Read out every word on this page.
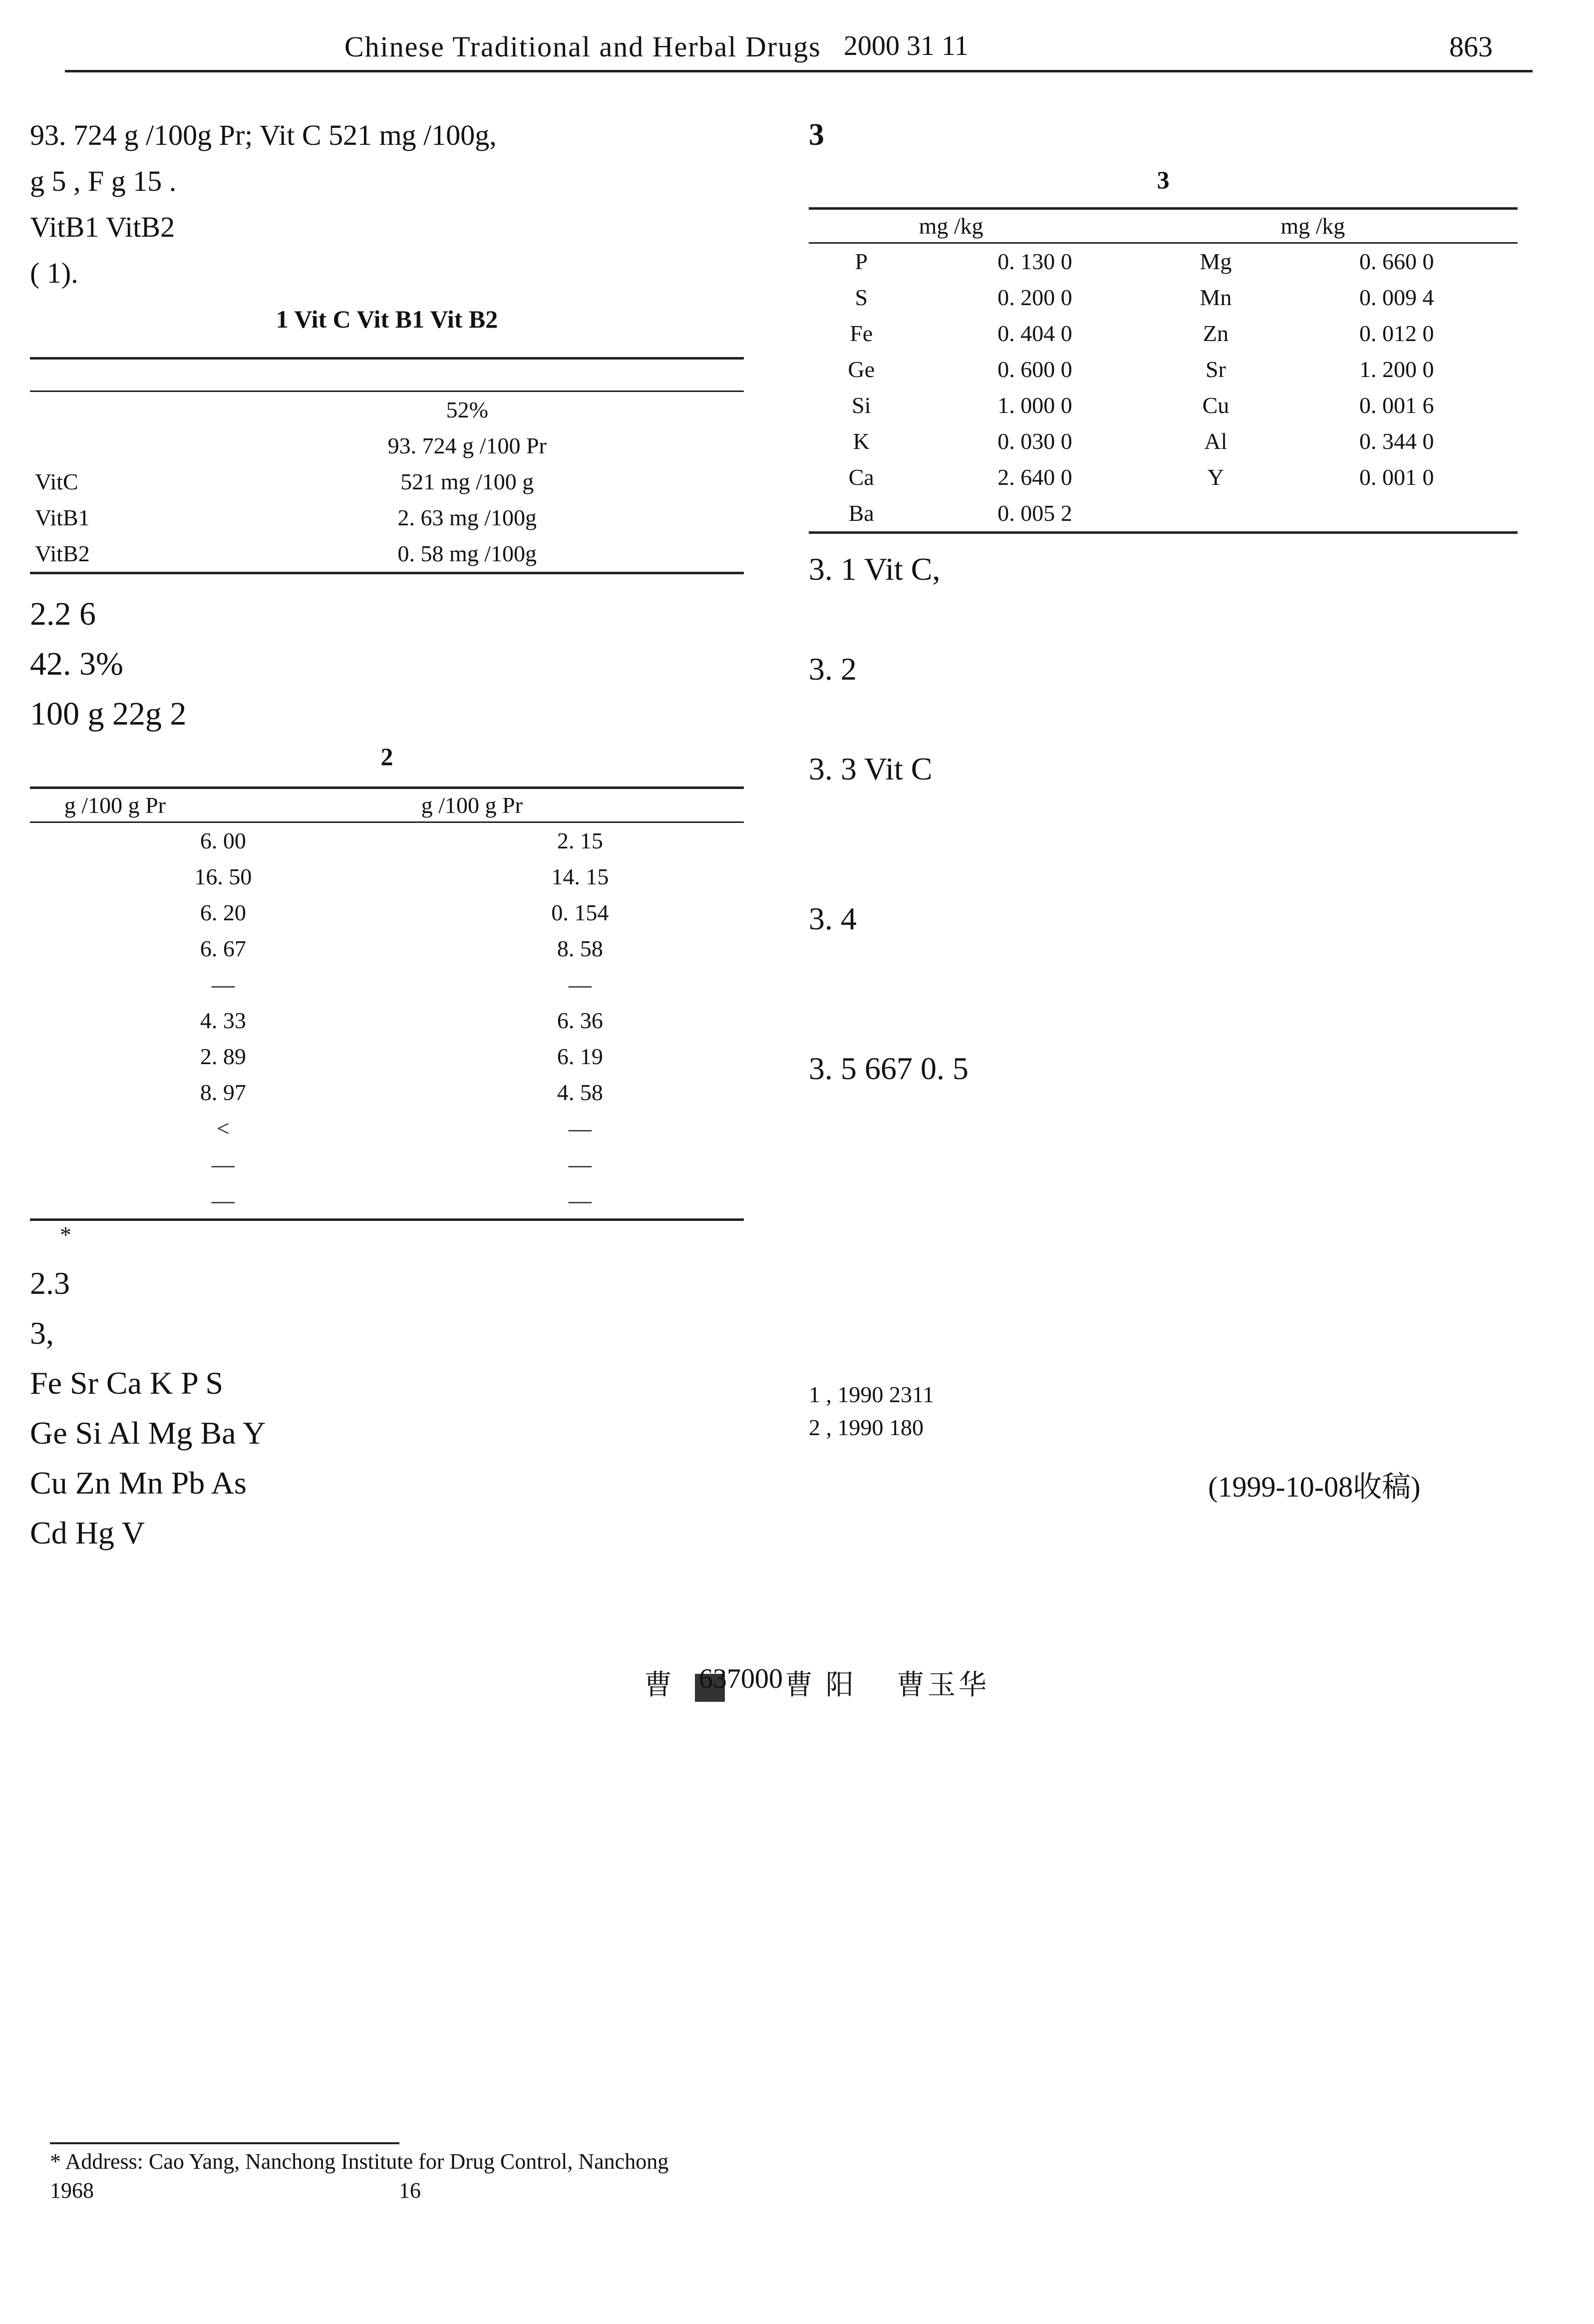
Chinese Traditional and Herbal Drugs 2000 31 11	863

93. 724 g /100g Pr; Vit C 521 mg /100g,

g 5 , F g 15 .

VitB1 VitB2

( 1).

1 Vit C Vit B1 Vit B2

	52%	
	93. 724 g /100 Pr	
VitC	521 mg /100 g	
VitB1	2. 63 mg /100g	
VitB2	0. 58 mg /100g	

2.2 6

42. 3%

100 g 22g 2

2
	g /100 g Pr		g /100 g Pr
	6. 00		2. 15
	16. 50		14. 15
	6. 20		0. 154
	6. 67		8. 58
	—		—
	4. 33		6. 36
	2. 89		6. 19
	8. 97		4. 58
	<		—
	—		—
	—		—
*

2.3

3,

Fe Sr Ca K P S

Ge Si Al Mg Ba Y

Cu Zn Mn Pb As

Cd Hg V

3
3
	mg /kg		mg /kg
P	0. 130 0	Mg	0. 660 0
S	0. 200 0	Mn	0. 009 4
Fe	0. 404 0	Zn	0. 012 0
Ge	0. 600 0	Sr	1. 200 0
Si	1. 000 0	Cu	0. 001 6
K	0. 030 0	Al	0. 344 0
Ca	2. 640 0	Y	0. 001 0
Ba	0. 005 2		

3. 1 Vit C,

3. 2

3. 3 Vit C

3. 4

3. 5 667 0. 5

1 , 1990 2311

2 , 1990 180

(1999-10-08收稿)
曹	曹 阳 曹玉华
637000

* Address: Cao Yang, Nanchong Institute for Drug Control, Nanchong

1968	16
